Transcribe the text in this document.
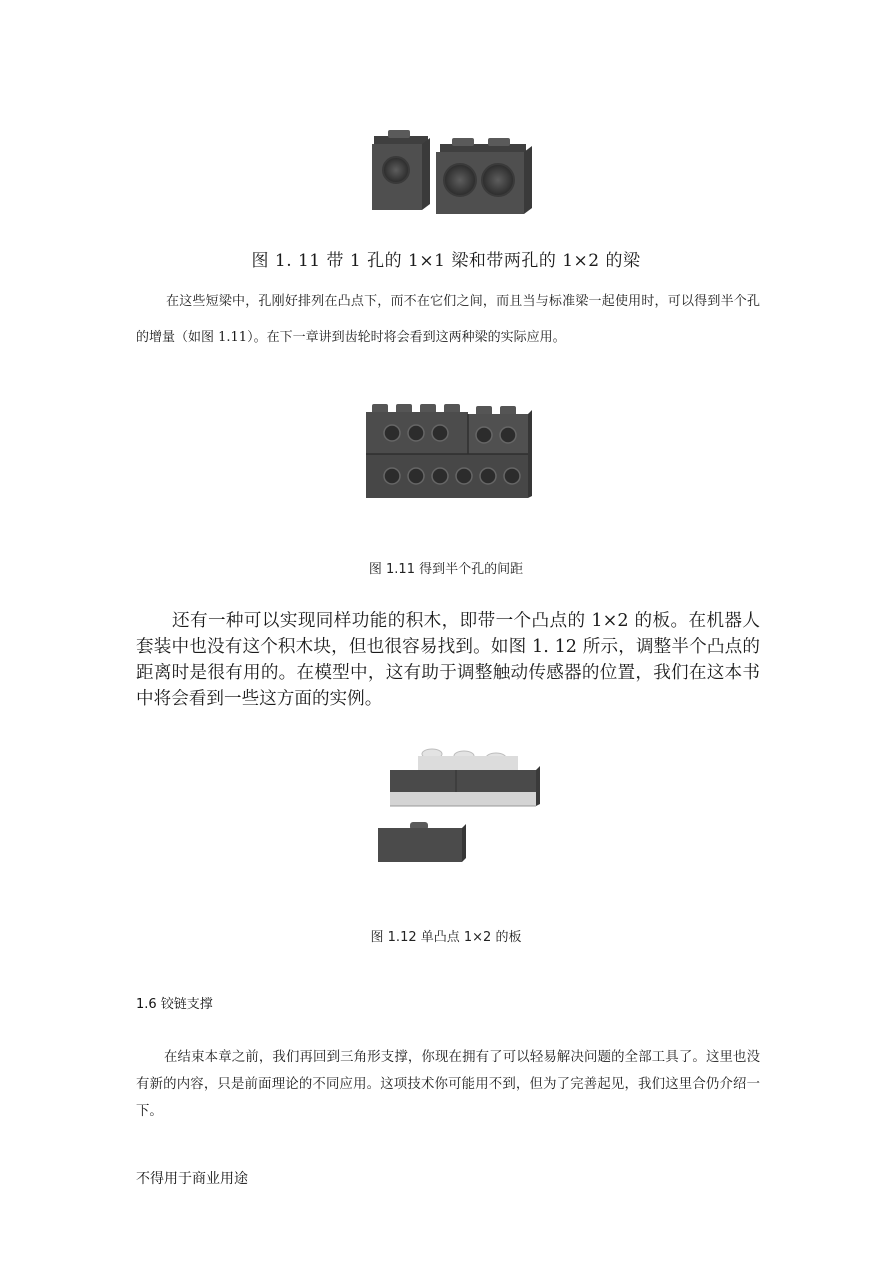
图 1. 11 带 1 孔的 1×1 梁和带两孔的 1×2 的梁
在这些短梁中，孔刚好排列在凸点下，而不在它们之间，而且当与标准梁一起使用时，可以得到半个孔的增量（如图 1.11）。在下一章讲到齿轮时将会看到这两种梁的实际应用。
图 1.11 得到半个孔的间距
还有一种可以实现同样功能的积木，即带一个凸点的 1×2 的板。在机器人套装中也没有这个积木块，但也很容易找到。如图 1. 12 所示，调整半个凸点的距离时是很有用的。在模型中，这有助于调整触动传感器的位置，我们在这本书中将会看到一些这方面的实例。
图 1.12 单凸点 1×2 的板
1.6 铰链支撑
在结束本章之前，我们再回到三角形支撑，你现在拥有了可以轻易解决问题的全部工具了。这里也没有新的内容，只是前面理论的不同应用。这项技术你可能用不到，但为了完善起见，我们这里合仍介绍一下。
不得用于商业用途
